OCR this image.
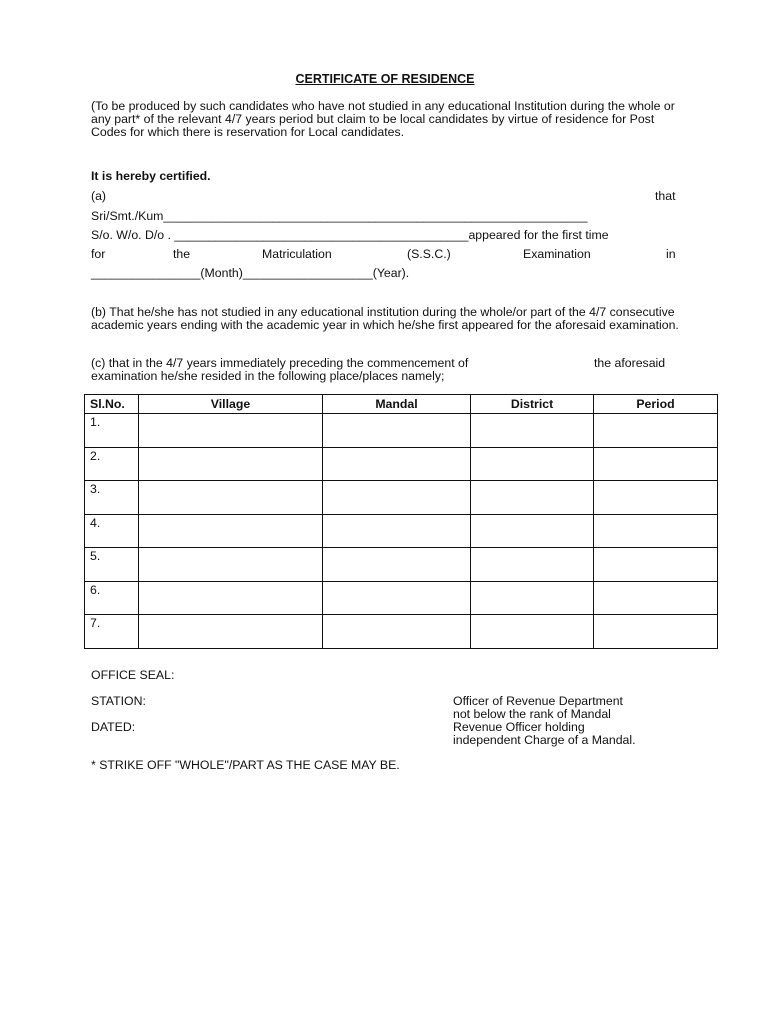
CERTIFICATE OF RESIDENCE
(To be produced by such candidates who have not studied in any educational Institution during the whole or any part* of the relevant 4/7 years period but claim to be local candidates by virtue of residence for Post Codes for which there is reservation for Local candidates.
It is hereby certified.
(a)	that
Sri/Smt./Kum______________________________________________________________
S/o. W/o. D/o . ___________________________________________appeared for the first time
for	the	Matriculation	(S.S.C.)	Examination	in
________________(Month)___________________(Year).
(b) That he/she has not studied in any educational institution during the whole/or part of the 4/7 consecutive academic years ending with the academic year in which he/she first appeared for the aforesaid examination.
(c) that in the 4/7 years immediately preceding the commencement of	the aforesaid
examination he/she resided in the following place/places namely;
Sl.No.	Village	Mandal	District	Period
1.				
2.				
3.				
4.				
5.				
6.				
7.				
OFFICE SEAL:
STATION:
DATED:
Officer of Revenue Department
not below the rank of Mandal
Revenue Officer holding
independent Charge of a Mandal.
* STRIKE OFF "WHOLE"/PART AS THE CASE MAY BE.
